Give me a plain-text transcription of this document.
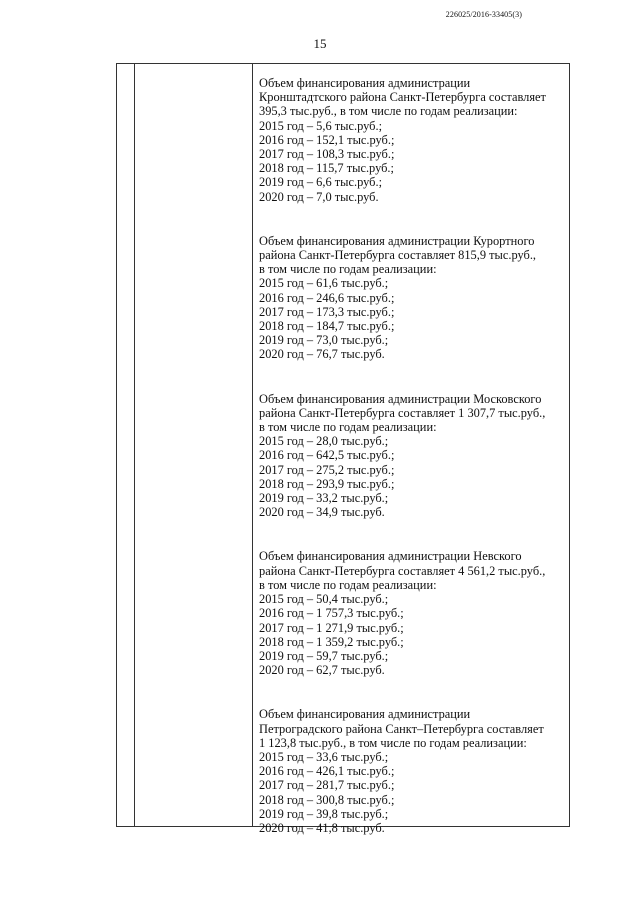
226025/2016-33405(3)
15

Объем финансирования администрации
Кронштадтского района Санкт-Петербурга составляет
395,3 тыс.руб., в том числе по годам реализации:
2015 год – 5,6 тыс.руб.;
2016 год – 152,1 тыс.руб.;
2017 год – 108,3 тыс.руб.;
2018 год – 115,7 тыс.руб.;
2019 год – 6,6 тыс.руб.;
2020 год – 7,0 тыс.руб.

Объем финансирования администрации Курортного
района Санкт-Петербурга составляет 815,9 тыс.руб.,
в том числе по годам реализации:
2015 год – 61,6 тыс.руб.;
2016 год – 246,6 тыс.руб.;
2017 год – 173,3 тыс.руб.;
2018 год – 184,7 тыс.руб.;
2019 год – 73,0 тыс.руб.;
2020 год – 76,7 тыс.руб.

Объем финансирования администрации Московского
района Санкт-Петербурга составляет 1 307,7 тыс.руб.,
в том числе по годам реализации:
2015 год – 28,0 тыс.руб.;
2016 год – 642,5 тыс.руб.;
2017 год – 275,2 тыс.руб.;
2018 год – 293,9 тыс.руб.;
2019 год – 33,2 тыс.руб.;
2020 год – 34,9 тыс.руб.

Объем финансирования администрации Невского
района Санкт-Петербурга составляет 4 561,2 тыс.руб.,
в том числе по годам реализации:
2015 год – 50,4 тыс.руб.;
2016 год – 1 757,3 тыс.руб.;
2017 год – 1 271,9 тыс.руб.;
2018 год – 1 359,2 тыс.руб.;
2019 год – 59,7 тыс.руб.;
2020 год – 62,7 тыс.руб.

Объем финансирования администрации
Петроградского района Санкт–Петербурга составляет
1 123,8 тыс.руб., в том числе по годам реализации:
2015 год – 33,6 тыс.руб.;
2016 год – 426,1 тыс.руб.;
2017 год – 281,7 тыс.руб.;
2018 год – 300,8 тыс.руб.;
2019 год – 39,8 тыс.руб.;
2020 год – 41,8 тыс.руб.
